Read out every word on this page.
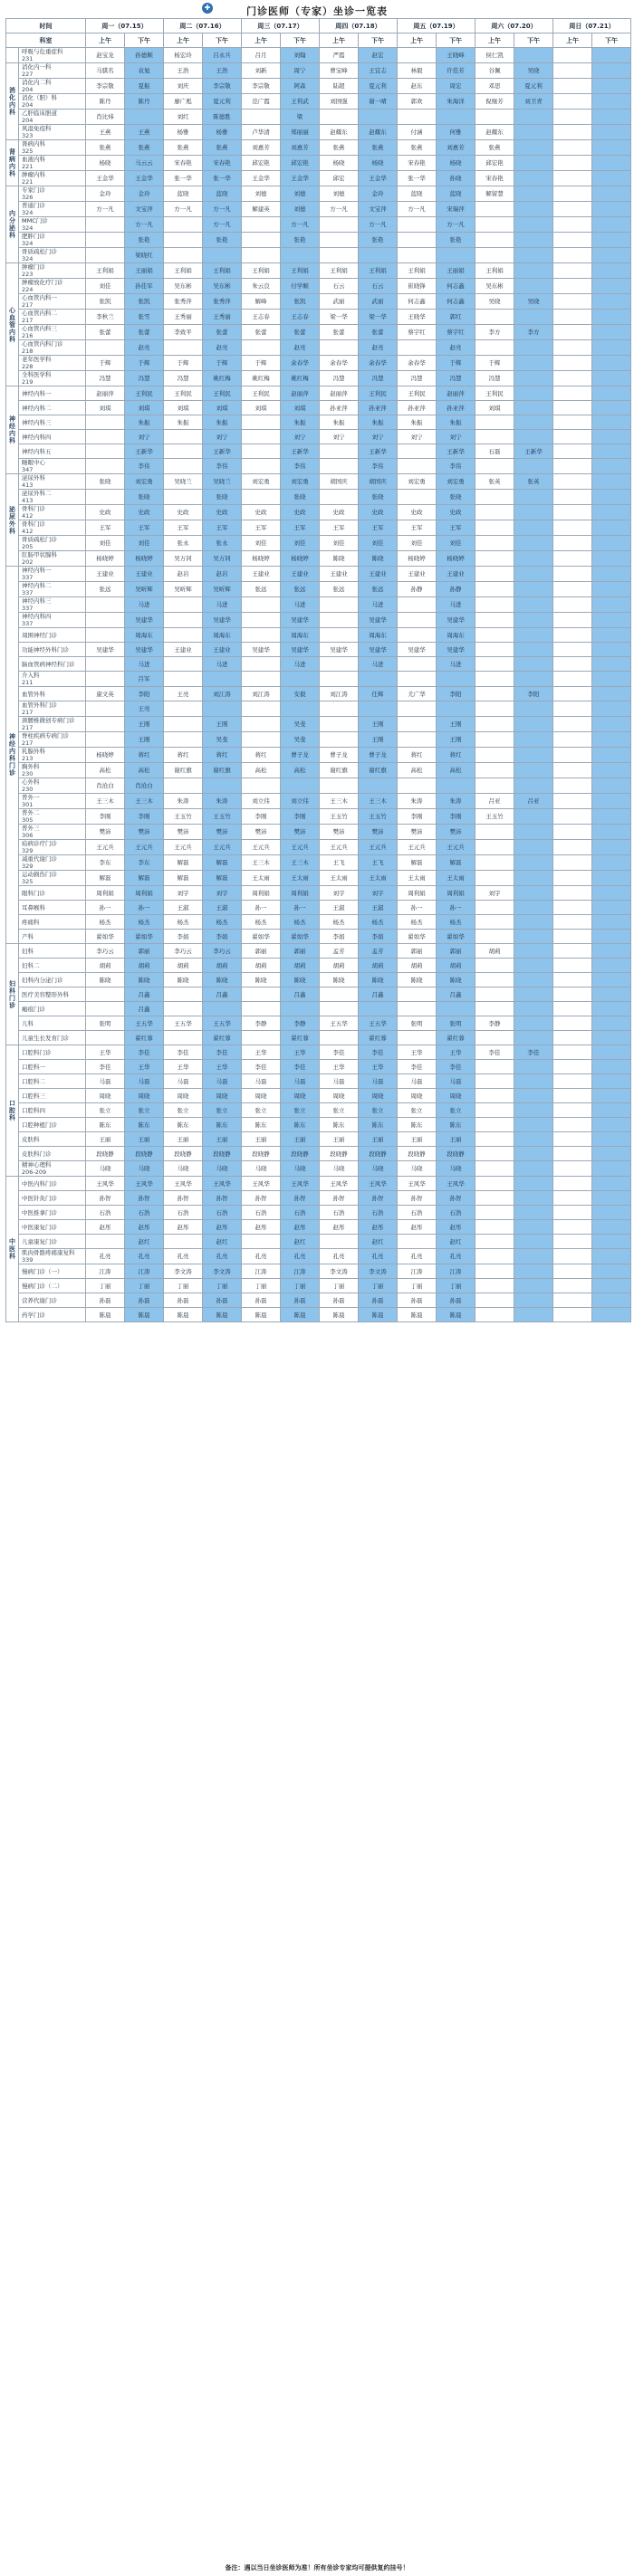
✚	门诊医师（专家）坐诊一览表
时间		周一（07.15）		周二（07.16）		周三（07.17）		周四（07.18）		周五（07.19）		周六（07.20）		周日（07.21）	
科室		上午	下午	上午	下午	上午	下午	上午	下午	上午	下午	上午	下午	上午	下午
	呼吸与危重症科
231	赵宝龙	孙德顺	杨宏玲	吕永兵	吕月	刘翰	严霞	赵宏		王晓峰	侯仁凯			
消化内科	消化内一科
227	马骐名	袁旭	王浩	王浩	刘新	周宁	曹宝峰	王宜志	林毅	许佳芳	谷佩	吴晓		
	消化内二科
204	李宗敬	夏振	刘庆	李宗敬	李宗敬	阿森	陆超	夏元利	赵东	周宏	邓思	夏元利		
	消化（胆）科
204	陈丹	陈丹	廖广彪	夏元利	范广霞	王利武	刘国强	谢一晴	郭欢	朱海洋	倪继芳	刘卫青		
	乙肝临床胆道
204	肖比炜		刘红	陈德胜		梁								
	风湿免疫科
323	王燕	王燕	杨雅	杨雅	卢华清	郑丽丽	赵耀东	赵耀东	付涵	何雅	赵耀东			
肾病内科	肾病内科
325	张燕	张燕	张燕	张燕	刘惠芳	刘惠芳	张燕	张燕	张燕	刘惠芳	张燕			
	血液内科
221	杨晓	马云云	宋春艳	宋春艳	邱宏艳	邱宏艳	杨晓	杨晓	宋春艳	杨晓	邱宏艳			
	肿瘤内科
221	王金华	王金华	张一华	张一华	王金华	王金华	邱宏	王金华	张一华	孙晓	宋春艳			
内分泌科	专家门诊
326	金玲	金玲	蓝晓	蓝晓	刘德	刘德	刘德	金玲	蓝晓	蓝晓	解留慧			
	普通门诊
324	方一凡	文宝萍	方一凡	方一凡	解建英	刘德	方一凡	文宝萍	方一凡	宋瑞萍				
	MMC门诊
324		方一凡		方一凡		方一凡		方一凡		方一凡				
	肥胖门诊
324		张艳		张艳		张艳		张艳		张艳				
	骨质疏松门诊
324		梁晓红												
心血管内科	肿瘤门诊
223	王利娟	王丽娟	王利娟	王利娟	王利娟	王利娟	王利娟	王利娟	王利娟	王丽娟	王利娟			
	肿瘤放化疗门诊
224	刘佳	孙佳军	吴东彬	吴东彬	朱云良	付学顺	石云	石云	崔晓锋	何志鑫	吴东彬			
	心血管内科一
217	张凯	张凯	张秀萍	张秀萍	解峰	张凯	武丽	武丽	何志鑫	何志鑫	吴晓	吴晓		
	心血管内科二
217	李秋兰	张雪	王秀丽	王秀丽	王志春	王志春	梁一华	梁一华	王晓华	郭红				
	心血管内科三
216	张蕾	张蕾	李致平	张蕾	张蕾	张蕾	张蕾	张蕾	蔡宇红	蔡宇红	李方	李方		
	心血管内科门诊
218		赵亮		赵亮		赵亮		赵亮		赵亮				
	老年医学科
228	于辉	于辉	于辉	于辉	于辉	余春华	余春华	余春华	余春华	于辉	于辉			
	全科医学科
219	冯慧	冯慧	冯慧	姚红梅	姚红梅	姚红梅	冯慧	冯慧	冯慧	冯慧	冯慧			
神经内科	神经内科一	赵丽萍	王利民	王利民	王利民	王利民	赵丽萍	赵丽萍	王利民	王利民	赵丽萍	王利民			
	神经内科二	刘琪	刘琪	刘琪	刘琪	刘琪	刘琪	孙亚萍	孙亚萍	孙亚萍	孙亚萍	刘琪			
	神经内科三		朱振	朱振	朱振		朱振	朱振	朱振	朱振	朱振				
	神经内科四		刘宁		刘宁		刘宁	刘宁	刘宁	刘宁	刘宁				
	神经内科五		王新华		王新华		王新华		王新华		王新华	石磊	王新华		
	睡眠中心
347		李伟		李伟		李伟		李伟		李伟				
泌尿外科	泌尿外科
413	张晓	刘宏勇	吴晓兰	吴晓兰	刘宏勇	刘宏勇	胡国庆	胡国庆	刘宏勇	刘宏勇	张英	张英		
	泌尿外科二
413		张晓		张晓		张晓		张晓		张晓				
	骨科门诊
412	史政	史政	史政	史政	史政	史政	史政	史政	史政	史政				
	骨科门诊
412	王军	王军	王军	王军	王军	王军	王军	王军	王军	王军				
	骨质疏松门诊
205	刘佳	刘佳	张永	张永	刘佳	刘佳	刘佳	刘佳	刘佳	刘佳				
	肛肠甲状腺科
202	杨晓婷	杨晓婷	吴万同	吴万同	杨晓婷	杨晓婷	陈晓	陈晓	杨晓婷	杨晓婷				
神经内科门诊	神经内科一
337	王建业	王建业	赵岩	赵岩	王建业	王建业	王建业	王建业	王建业	王建业				
	神经内科二
337	张远	吴昕辉	吴昕辉	吴昕辉	张远	张远	张远	张远	孙静	孙静				
	神经内科三
337		马进		马进		马进		马进		马进				
	神经内科四
337		吴建华		吴建华		吴建华		吴建华		吴建华				
	周围神经门诊		周海东		周海东		周海东		周海东		周海东				
	功能神经外科门诊	吴建华	吴建华	王建业	王建业	吴建华	吴建华	吴建华	吴建华	吴建华	吴建华				
	脑血管病神经科门诊		马进		马进		马进		马进		马进				
	介入科
211		吕军												
	血管外科	康文英	李阳	王亮	刘江涛	刘江涛	安毅	刘江涛	任辉	尤广华	李阳		李阳		
	血管外科门诊
217		王亮												
	颈腰椎微创专病门诊
217		王刚		王刚		吴斐		王刚		王刚				
	脊柱疾病专病门诊
217		王刚		吴斐		吴斐		王刚		王刚				
	乳腺外科
213	杨晓婷	蒋红	蒋红	蒋红	蒋红	曹子龙	曹子龙	曹子龙	蒋红	蒋红				
	胸外科
230	高松	高松	谢红旗	谢红旗	高松	高松	谢红旗	谢红旗	高松	高松				
	心外科
230	肖沧白	肖沧白												
	普外一
301	王三木	王三木	朱涛	朱涛	刘立伟	刘立伟	王三木	王三木	朱涛	朱涛	吕亚	吕亚		
	普外二
305	李刚	李刚	王玉竹	王玉竹	李刚	李刚	王玉竹	王玉竹	李刚	李刚	王玉竹			
	普外三
306	樊沛	樊沛	樊沛	樊沛	樊沛	樊沛	樊沛	樊沛	樊沛	樊沛				
	疝病诊疗门诊
329	王元兵	王元兵	王元兵	王元兵	王元兵	王元兵	王元兵	王元兵	王元兵	王元兵				
	减重代谢门诊
329	李东	李东	解磊	解磊	王三木	王三木	王飞	王飞	解磊	解磊				
	运动损伤门诊
325	解磊	解磊	解磊	解磊	王太雨	王太雨	王太雨	王太雨	王太雨	王太雨				
	眼科门诊	周利娟	周利娟	刘宇	刘宇	周利娟	周利娟	刘宇	刘宇	周利娟	周利娟	刘宇			
	耳鼻喉科	孙一	孙一	王淑	王淑	孙一	孙一	王淑	王淑	孙一	孙一				
	疼痛科	杨杰	杨杰	杨杰	杨杰	杨杰	杨杰	杨杰	杨杰	杨杰	杨杰				
	产科	翟如华	翟如华	李娟	李娟	翟如华	翟如华	李娟	李娟	翟如华	翟如华				
妇科门诊	妇科	李巧云	郭丽	李巧云	李巧云	郭丽	郭丽	孟芳	孟芳	郭丽	郭丽	胡莉			
	妇科二	胡莉	胡莉	胡莉	胡莉	胡莉	胡莉	胡莉	胡莉	胡莉	胡莉				
	妇科内分泌门诊	陈晓	陈晓	陈晓	陈晓	陈晓	陈晓	陈晓	陈晓	陈晓	陈晓				
	医疗美容整形外科		吕鑫		吕鑫		吕鑫		吕鑫		吕鑫				
	瘢痕门诊		吕鑫												
	儿科	张明	王五华	王五华	王五华	李静	李静	王五华	王五华	张明	张明	李静			
	儿童生长发育门诊		翟红蓉		翟红蓉		翟红蓉		翟红蓉		翟红蓉				
口腔科	口腔科门诊	王华	李佳	李佳	李佳	王华	王华	李佳	李佳	王华	王华	李佳	李佳		
	口腔科一	李佳	王华	王华	王华	李佳	李佳	王华	王华	李佳	李佳				
	口腔科二	马磊	马磊	马磊	马磊	马磊	马磊	马磊	马磊	马磊	马磊				
	口腔科三	周晓	周晓	周晓	周晓	周晓	周晓	周晓	周晓	周晓	周晓				
	口腔科四	张立	张立	张立	张立	张立	张立	张立	张立	张立	张立				
	口腔种植门诊	陈东	陈东	陈东	陈东	陈东	陈东	陈东	陈东	陈东	陈东				
	皮肤科	王丽	王丽	王丽	王丽	王丽	王丽	王丽	王丽	王丽	王丽				
	皮肤科门诊	段晓静	段晓静	段晓静	段晓静	段晓静	段晓静	段晓静	段晓静	段晓静	段晓静				
	精神心理科
206-209	马晓	马晓	马晓	马晓	马晓	马晓	马晓	马晓	马晓	马晓				
中医科	中医内科门诊	王风华	王风华	王风华	王风华	王风华	王风华	王风华	王风华	王风华	王风华				
	中医针灸门诊	孙智	孙智	孙智	孙智	孙智	孙智	孙智	孙智	孙智	孙智				
	中医推拿门诊	石浩	石浩	石浩	石浩	石浩	石浩	石浩	石浩	石浩	石浩				
	中医康复门诊	赵彤	赵彤	赵彤	赵彤	赵彤	赵彤	赵彤	赵彤	赵彤	赵彤				
	儿童康复门诊		赵红		赵红		赵红		赵红		赵红				
	肌肉骨骼疼痛康复科
339	孔亮	孔亮	孔亮	孔亮	孔亮	孔亮	孔亮	孔亮	孔亮	孔亮				
	慢病门诊（一）	江涛	江涛	李文涛	李文涛	江涛	江涛	李文涛	李文涛	江涛	江涛				
	慢病门诊（二）	丁丽	丁丽	丁丽	丁丽	丁丽	丁丽	丁丽	丁丽	丁丽	丁丽				
	营养代谢门诊	孙磊	孙磊	孙磊	孙磊	孙磊	孙磊	孙磊	孙磊	孙磊	孙磊				
	药学门诊	陈晨	陈晨	陈晨	陈晨	陈晨	陈晨	陈晨	陈晨	陈晨	陈晨				
备注：遇以当日坐诊医师为准！所有坐诊专家均可提供复约挂号！
